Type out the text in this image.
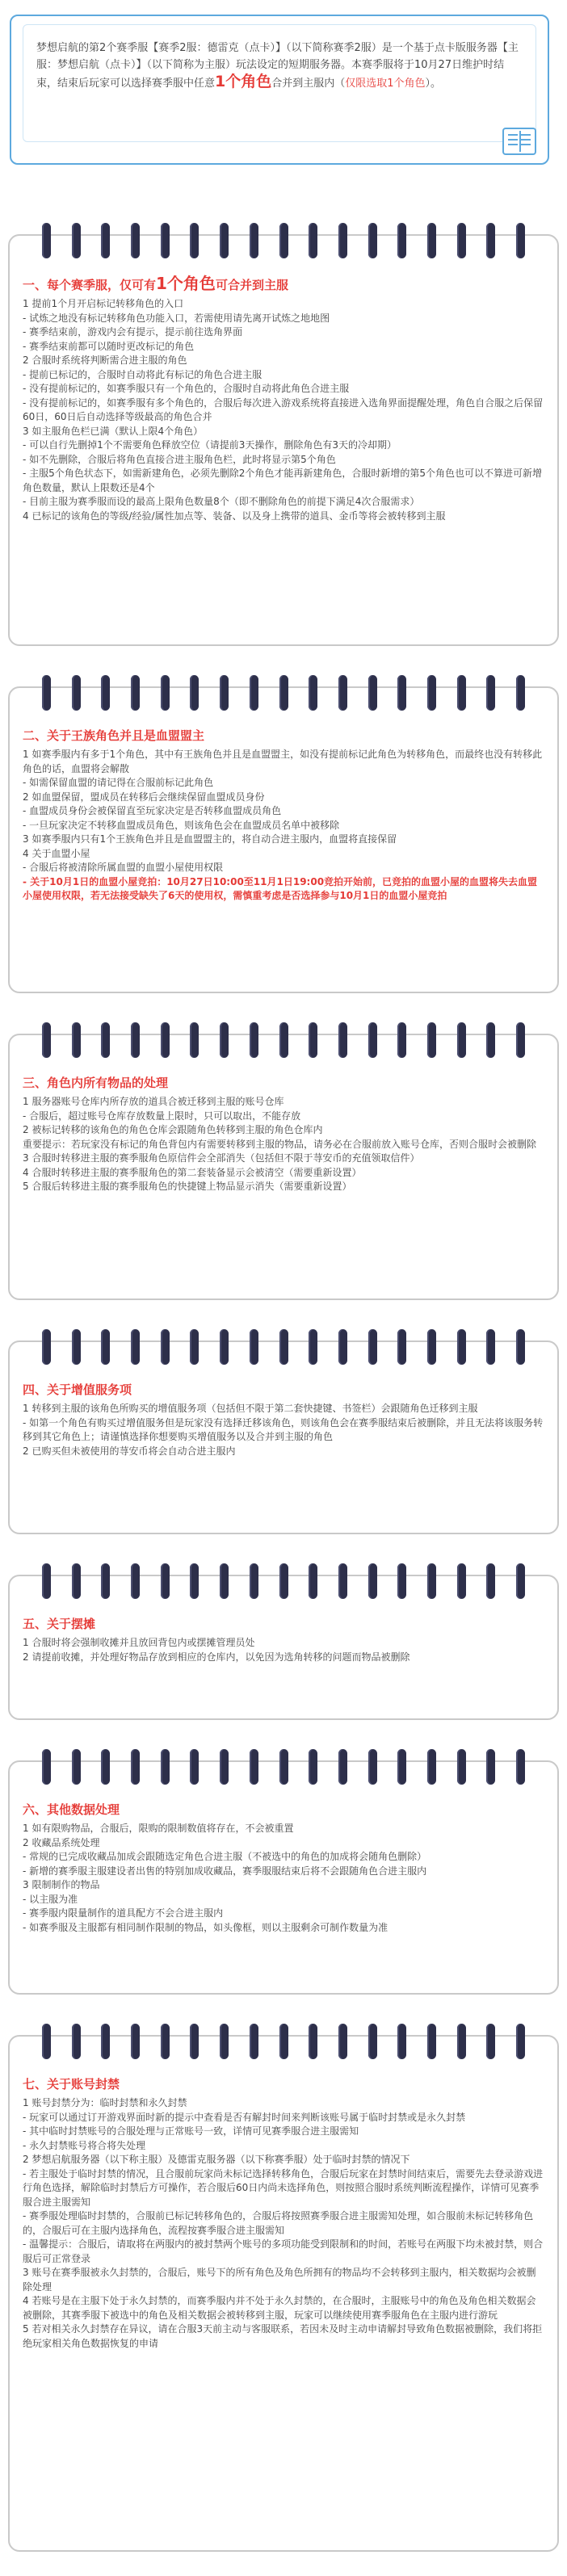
梦想启航的第2个赛季服【赛季2服：德雷克（点卡）】（以下简称赛季2服）是一个基于点卡版服务器【主服：梦想启航（点卡）】（以下简称为主服）玩法设定的短期服务器。本赛季服将于10月27日维护时结束，结束后玩家可以选择赛季服中任意1个角色合并到主服内（仅限选取1个角色）。
一、每个赛季服，仅可有1个角色可合并到主服
1 提前1个月开启标记转移角色的入口
- 试炼之地没有标记转移角色功能入口，若需使用请先离开试炼之地地图
- 赛季结束前，游戏内会有提示，提示前往选角界面
- 赛季结束前都可以随时更改标记的角色
2 合服时系统将判断需合进主服的角色
- 提前已标记的，合服时自动将此有标记的角色合进主服
- 没有提前标记的，如赛季服只有一个角色的，合服时自动将此角色合进主服
- 没有提前标记的，如赛季服有多个角色的，合服后每次进入游戏系统将直接进入选角界面提醒处理，角色自合服之后保留60日，60日后自动选择等级最高的角色合并
3 如主服角色栏已满（默认上限4个角色）
- 可以自行先删掉1个不需要角色释放空位（请提前3天操作，删除角色有3天的冷却期）
- 如不先删除，合服后将角色直接合进主服角色栏，此时将显示第5个角色
- 主服5个角色状态下，如需新建角色，必须先删除2个角色才能再新建角色，合服时新增的第5个角色也可以不算进可新增角色数量，默认上限数还是4个
- 目前主服为赛季服而设的最高上限角色数量8个（即不删除角色的前提下满足4次合服需求）
4 已标记的该角色的等级/经验/属性加点等、装备、以及身上携带的道具、金币等将会被转移到主服
二、关于王族角色并且是血盟盟主
1 如赛季服内有多于1个角色，其中有王族角色并且是血盟盟主，如没有提前标记此角色为转移角色，而最终也没有转移此角色的话，血盟将会解散
- 如需保留血盟的请记得在合服前标记此角色
2 如血盟保留，盟成员在转移后会继续保留血盟成员身份
- 血盟成员身份会被保留直至玩家决定是否转移血盟成员角色
- 一旦玩家决定不转移血盟成员角色，则该角色会在血盟成员名单中被移除
3 如赛季服内只有1个王族角色并且是血盟盟主的，将自动合进主服内，血盟将直接保留
4 关于血盟小屋
- 合服后将被清除所属血盟的血盟小屋使用权限
- 关于10月1日的血盟小屋竞拍：10月27日10:00至11月1日19:00竞拍开始前，已竞拍的血盟小屋的血盟将失去血盟小屋使用权限，若无法接受缺失了6天的使用权，需慎重考虑是否选择参与10月1日的血盟小屋竞拍
三、角色内所有物品的处理
1 服务器账号仓库内所存放的道具合被迁移到主服的账号仓库
- 合服后，超过账号仓库存放数量上限时，只可以取出，不能存放
2 被标记转移的该角色的角色仓库会跟随角色转移到主服的角色仓库内
重要提示：若玩家没有标记的角色背包内有需要转移到主服的物品，请务必在合服前放入账号仓库，否则合服时会被删除
3 合服时转移进主服的赛季服角色原信件会全部消失（包括但不限于荨安币的充值领取信件）
4 合服时转移进主服的赛季服角色的第二套装备显示会被清空（需要重新设置）
5 合服后转移进主服的赛季服角色的快捷键上物品显示消失（需要重新设置）
四、关于增值服务项
1 转移到主服的该角色所购买的增值服务项（包括但不限于第二套快捷键、书签栏）会跟随角色迁移到主服
- 如第一个角色有购买过增值服务但是玩家没有选择迁移该角色，则该角色会在赛季服结束后被删除，并且无法将该服务转移到其它角色上；请谨慎选择你想要购买增值服务以及合并到主服的角色
2 已购买但未被使用的荨安币将会自动合进主服内
五、关于摆摊
1 合服时将会强制收摊并且放回背包内或摆摊管理员处
2 请提前收摊，并处理好物品存放到相应的仓库内，以免因为选角转移的问题而物品被删除
六、其他数据处理
1 如有限购物品，合服后，限购的限制数值将存在，不会被重置
2 收藏品系统处理
- 常规的已完成收藏品加成会跟随选定角色合进主服（不被选中的角色的加成将会随角色删除）
- 新增的赛季服主服建设者出售的特别加成收藏品，赛季服服结束后将不会跟随角色合进主服内
3 限制制作的物品
- 以主服为准
- 赛季服内限量制作的道具配方不会合进主服内
- 如赛季服及主服都有相同制作限制的物品，如头像框，则以主服剩余可制作数量为准
七、关于账号封禁
1 账号封禁分为：临时封禁和永久封禁
- 玩家可以通过订开游戏界面时新的提示中查看是否有解封时间来判断该账号属于临时封禁或是永久封禁
- 其中临时封禁账号的合服处理与正常账号一致，详情可见赛季服合进主服需知
- 永久封禁账号将合将失处理
2 梦想启航服务器（以下称主服）及德雷克服务器（以下称赛季服）处于临时封禁的情况下
- 若主服处于临时封禁的情况，且合服前玩家尚未标记选择转移角色，合服后玩家在封禁时间结束后，需要先去登录游戏进行角色选择，解除临时封禁后方可操作，若合服后60日内尚未选择角色，则按照合服时系统判断流程操作，详情可见赛季服合进主服需知
- 赛季服处理临时封禁的，合服前已标记转移角色的，合服后将按照赛季服合进主服需知处理，如合服前未标记转移角色的，合服后可在主服内选择角色，流程按赛季服合进主服需知
- 温馨提示：合服后，请取将在两服内的被封禁两个账号的多项功能受到限制和的时间，若账号在两服下均未被封禁，则合服后可正常登录
3 账号在赛季服被永久封禁的，合服后，账号下的所有角色及角色所拥有的物品均不会转移到主服内，相关数据均会被删除处理
4 若账号是在主服下处于永久封禁的，而赛季服内并不处于永久封禁的，在合服时，主服账号中的角色及角色相关数据会被删除，其赛季服下被选中的角色及相关数据会被转移到主服，玩家可以继续使用赛季服角色在主服内进行游玩
5 若对相关永久封禁存在异议，请在合服3天前主动与客服联系，若因未及时主动申请解封导致角色数据被删除，我们将拒绝玩家相关角色数据恢复的申请
